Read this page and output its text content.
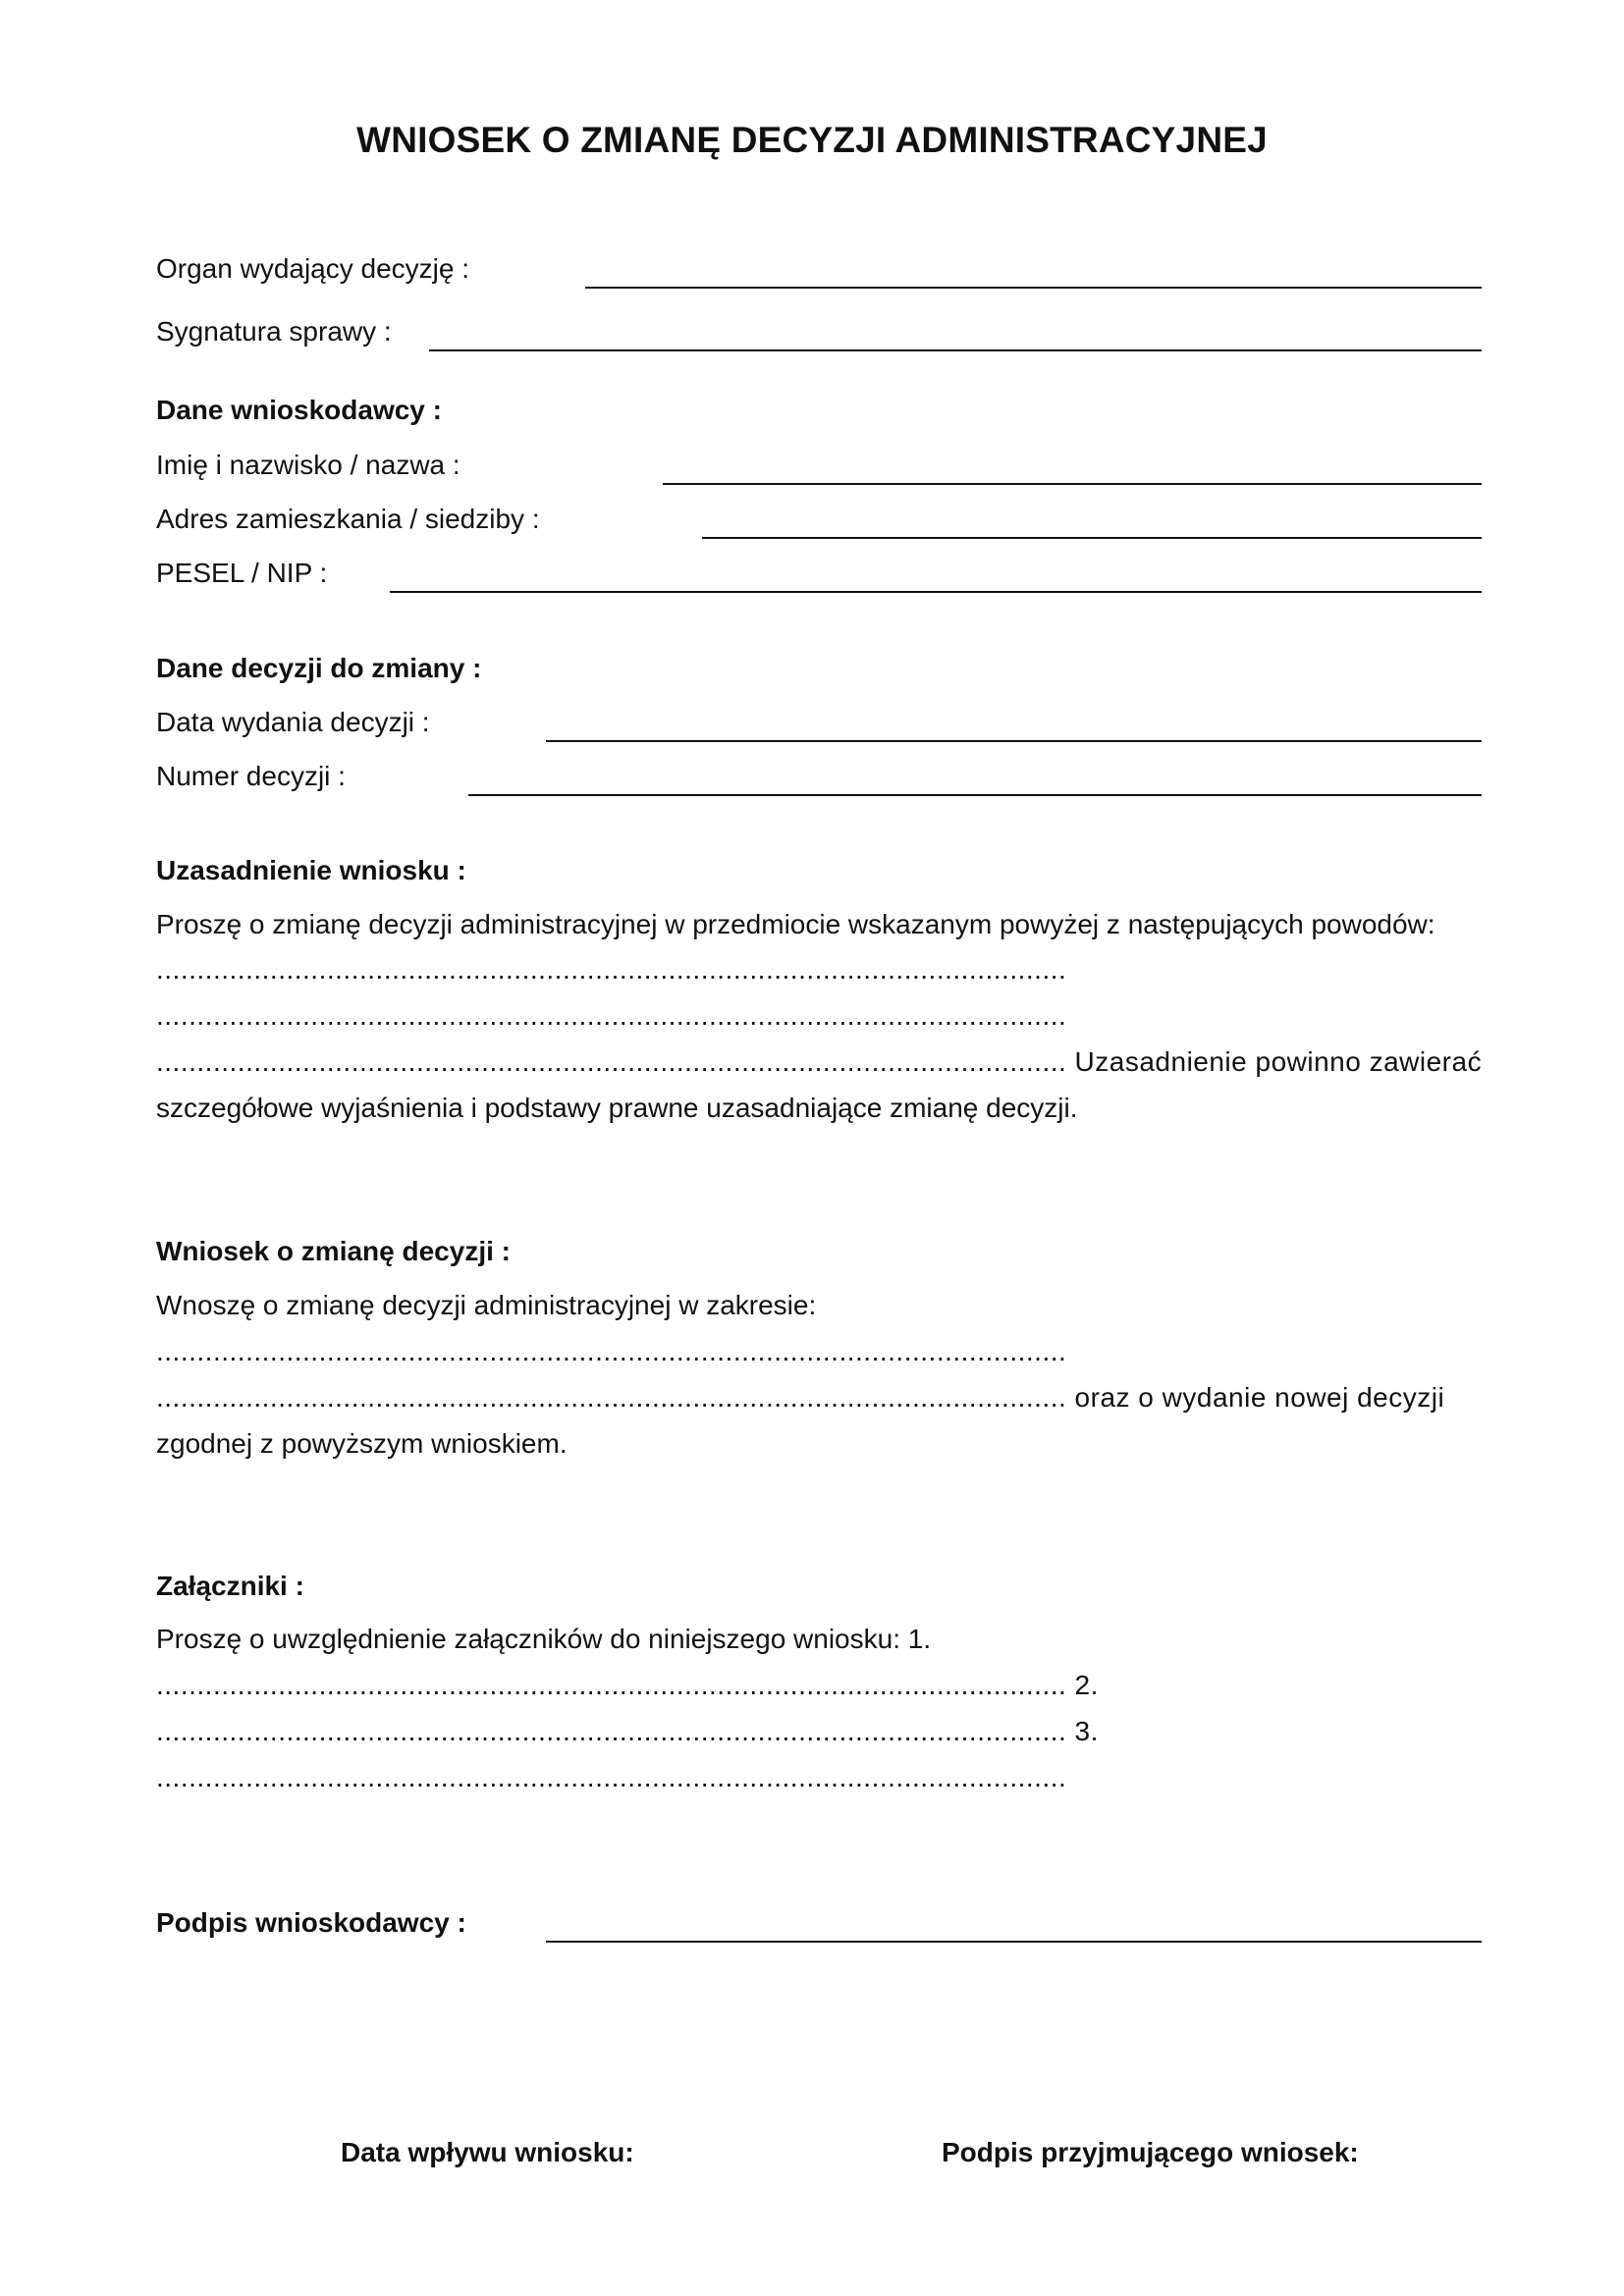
WNIOSEK O ZMIANĘ DECYZJI ADMINISTRACYJNEJ
Organ wydający decyzję :
Sygnatura sprawy :
Dane wnioskodawcy :
Imię i nazwisko / nazwa :
Adres zamieszkania / siedziby :
PESEL / NIP :
Dane decyzji do zmiany :
Data wydania decyzji :
Numer decyzji :
Uzasadnienie wniosku :
Proszę o zmianę decyzji administracyjnej w przedmiocie wskazanym powyżej z następujących powodów:
................................................................................................................
................................................................................................................
................................................................................................................ Uzasadnienie powinno zawierać
szczegółowe wyjaśnienia i podstawy prawne uzasadniające zmianę decyzji.
Wniosek o zmianę decyzji :
Wnoszę o zmianę decyzji administracyjnej w zakresie:
................................................................................................................
................................................................................................................ oraz o wydanie nowej decyzji
zgodnej z powyższym wnioskiem.
Załączniki :
Proszę o uwzględnienie załączników do niniejszego wniosku: 1.
................................................................................................................ 2.
................................................................................................................ 3.
................................................................................................................
Podpis wnioskodawcy :
Data wpływu wniosku:	Podpis przyjmującego wniosek:
